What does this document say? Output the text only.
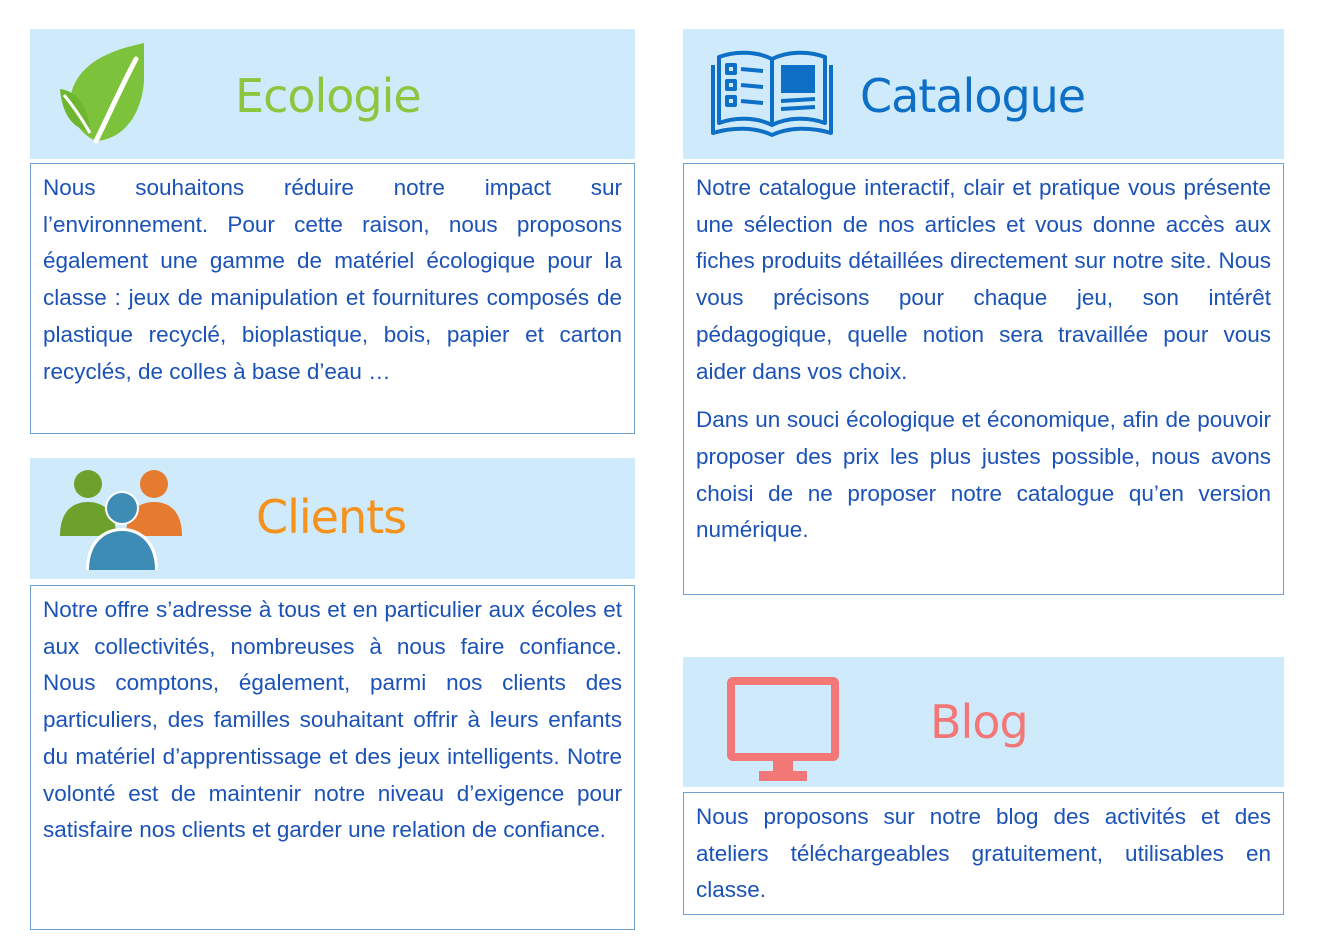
Ecologie

Nous souhaitons réduire notre impact sur l’environnement. Pour cette raison, nous proposons également une gamme de matériel écologique pour la classe : jeux de manipulation et fournitures composés de plastique recyclé, bioplastique, bois, papier et carton recyclés, de colles à base d’eau …

Catalogue

Notre catalogue interactif, clair et pratique vous présente une sélection de nos articles et vous donne accès aux fiches produits détaillées directement sur notre site. Nous vous précisons pour chaque jeu, son intérêt pédagogique, quelle notion sera travaillée pour vous aider dans vos choix.

Dans un souci écologique et économique, afin de pouvoir proposer des prix les plus justes possible, nous avons choisi de ne proposer notre catalogue qu’en version numérique.

Clients

Notre offre s’adresse à tous et en particulier aux écoles et aux collectivités, nombreuses à nous faire confiance. Nous comptons, également, parmi nos clients des particuliers, des familles souhaitant offrir à leurs enfants du matériel d’apprentissage et des jeux intelligents. Notre volonté est de maintenir notre niveau d’exigence pour satisfaire nos clients et garder une relation de confiance.

Blog

Nous proposons sur notre blog des activités et des ateliers téléchargeables gratuitement, utilisables en classe.
